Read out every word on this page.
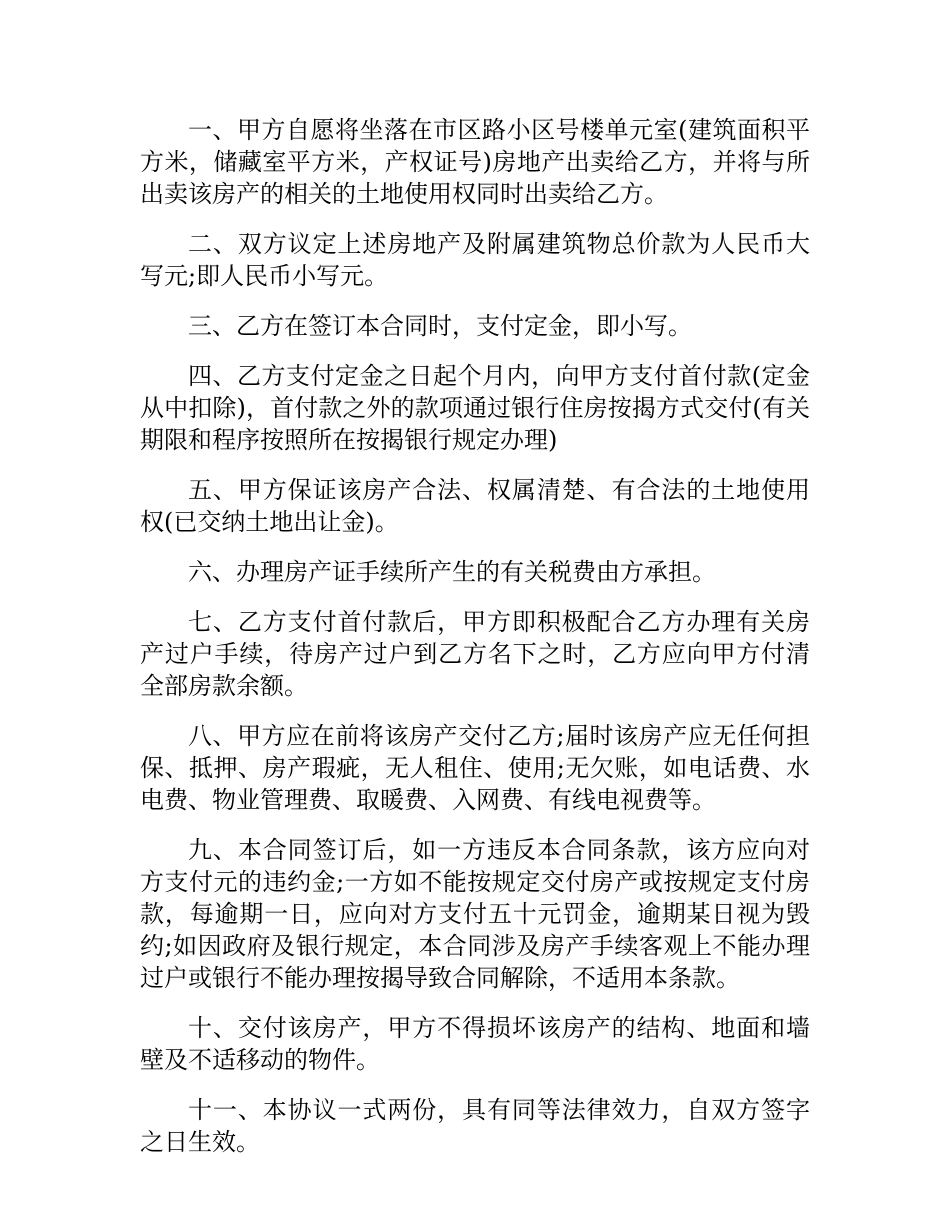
一、甲方自愿将坐落在市区路小区号楼单元室(建筑面积平方米，储藏室平方米，产权证号)房地产出卖给乙方，并将与所出卖该房产的相关的土地使用权同时出卖给乙方。

二、双方议定上述房地产及附属建筑物总价款为人民币大写元;即人民币小写元。

三、乙方在签订本合同时，支付定金，即小写。

四、乙方支付定金之日起个月内，向甲方支付首付款(定金从中扣除)，首付款之外的款项通过银行住房按揭方式交付(有关期限和程序按照所在按揭银行规定办理)

五、甲方保证该房产合法、权属清楚、有合法的土地使用权(已交纳土地出让金)。

六、办理房产证手续所产生的有关税费由方承担。

七、乙方支付首付款后，甲方即积极配合乙方办理有关房产过户手续，待房产过户到乙方名下之时，乙方应向甲方付清全部房款余额。

八、甲方应在前将该房产交付乙方;届时该房产应无任何担保、抵押、房产瑕疵，无人租住、使用;无欠账，如电话费、水电费、物业管理费、取暖费、入网费、有线电视费等。

九、本合同签订后，如一方违反本合同条款，该方应向对方支付元的违约金;一方如不能按规定交付房产或按规定支付房款，每逾期一日，应向对方支付五十元罚金，逾期某日视为毁约;如因政府及银行规定，本合同涉及房产手续客观上不能办理过户或银行不能办理按揭导致合同解除，不适用本条款。

十、交付该房产，甲方不得损坏该房产的结构、地面和墙壁及不适移动的物件。

十一、本协议一式两份，具有同等法律效力，自双方签字之日生效。
